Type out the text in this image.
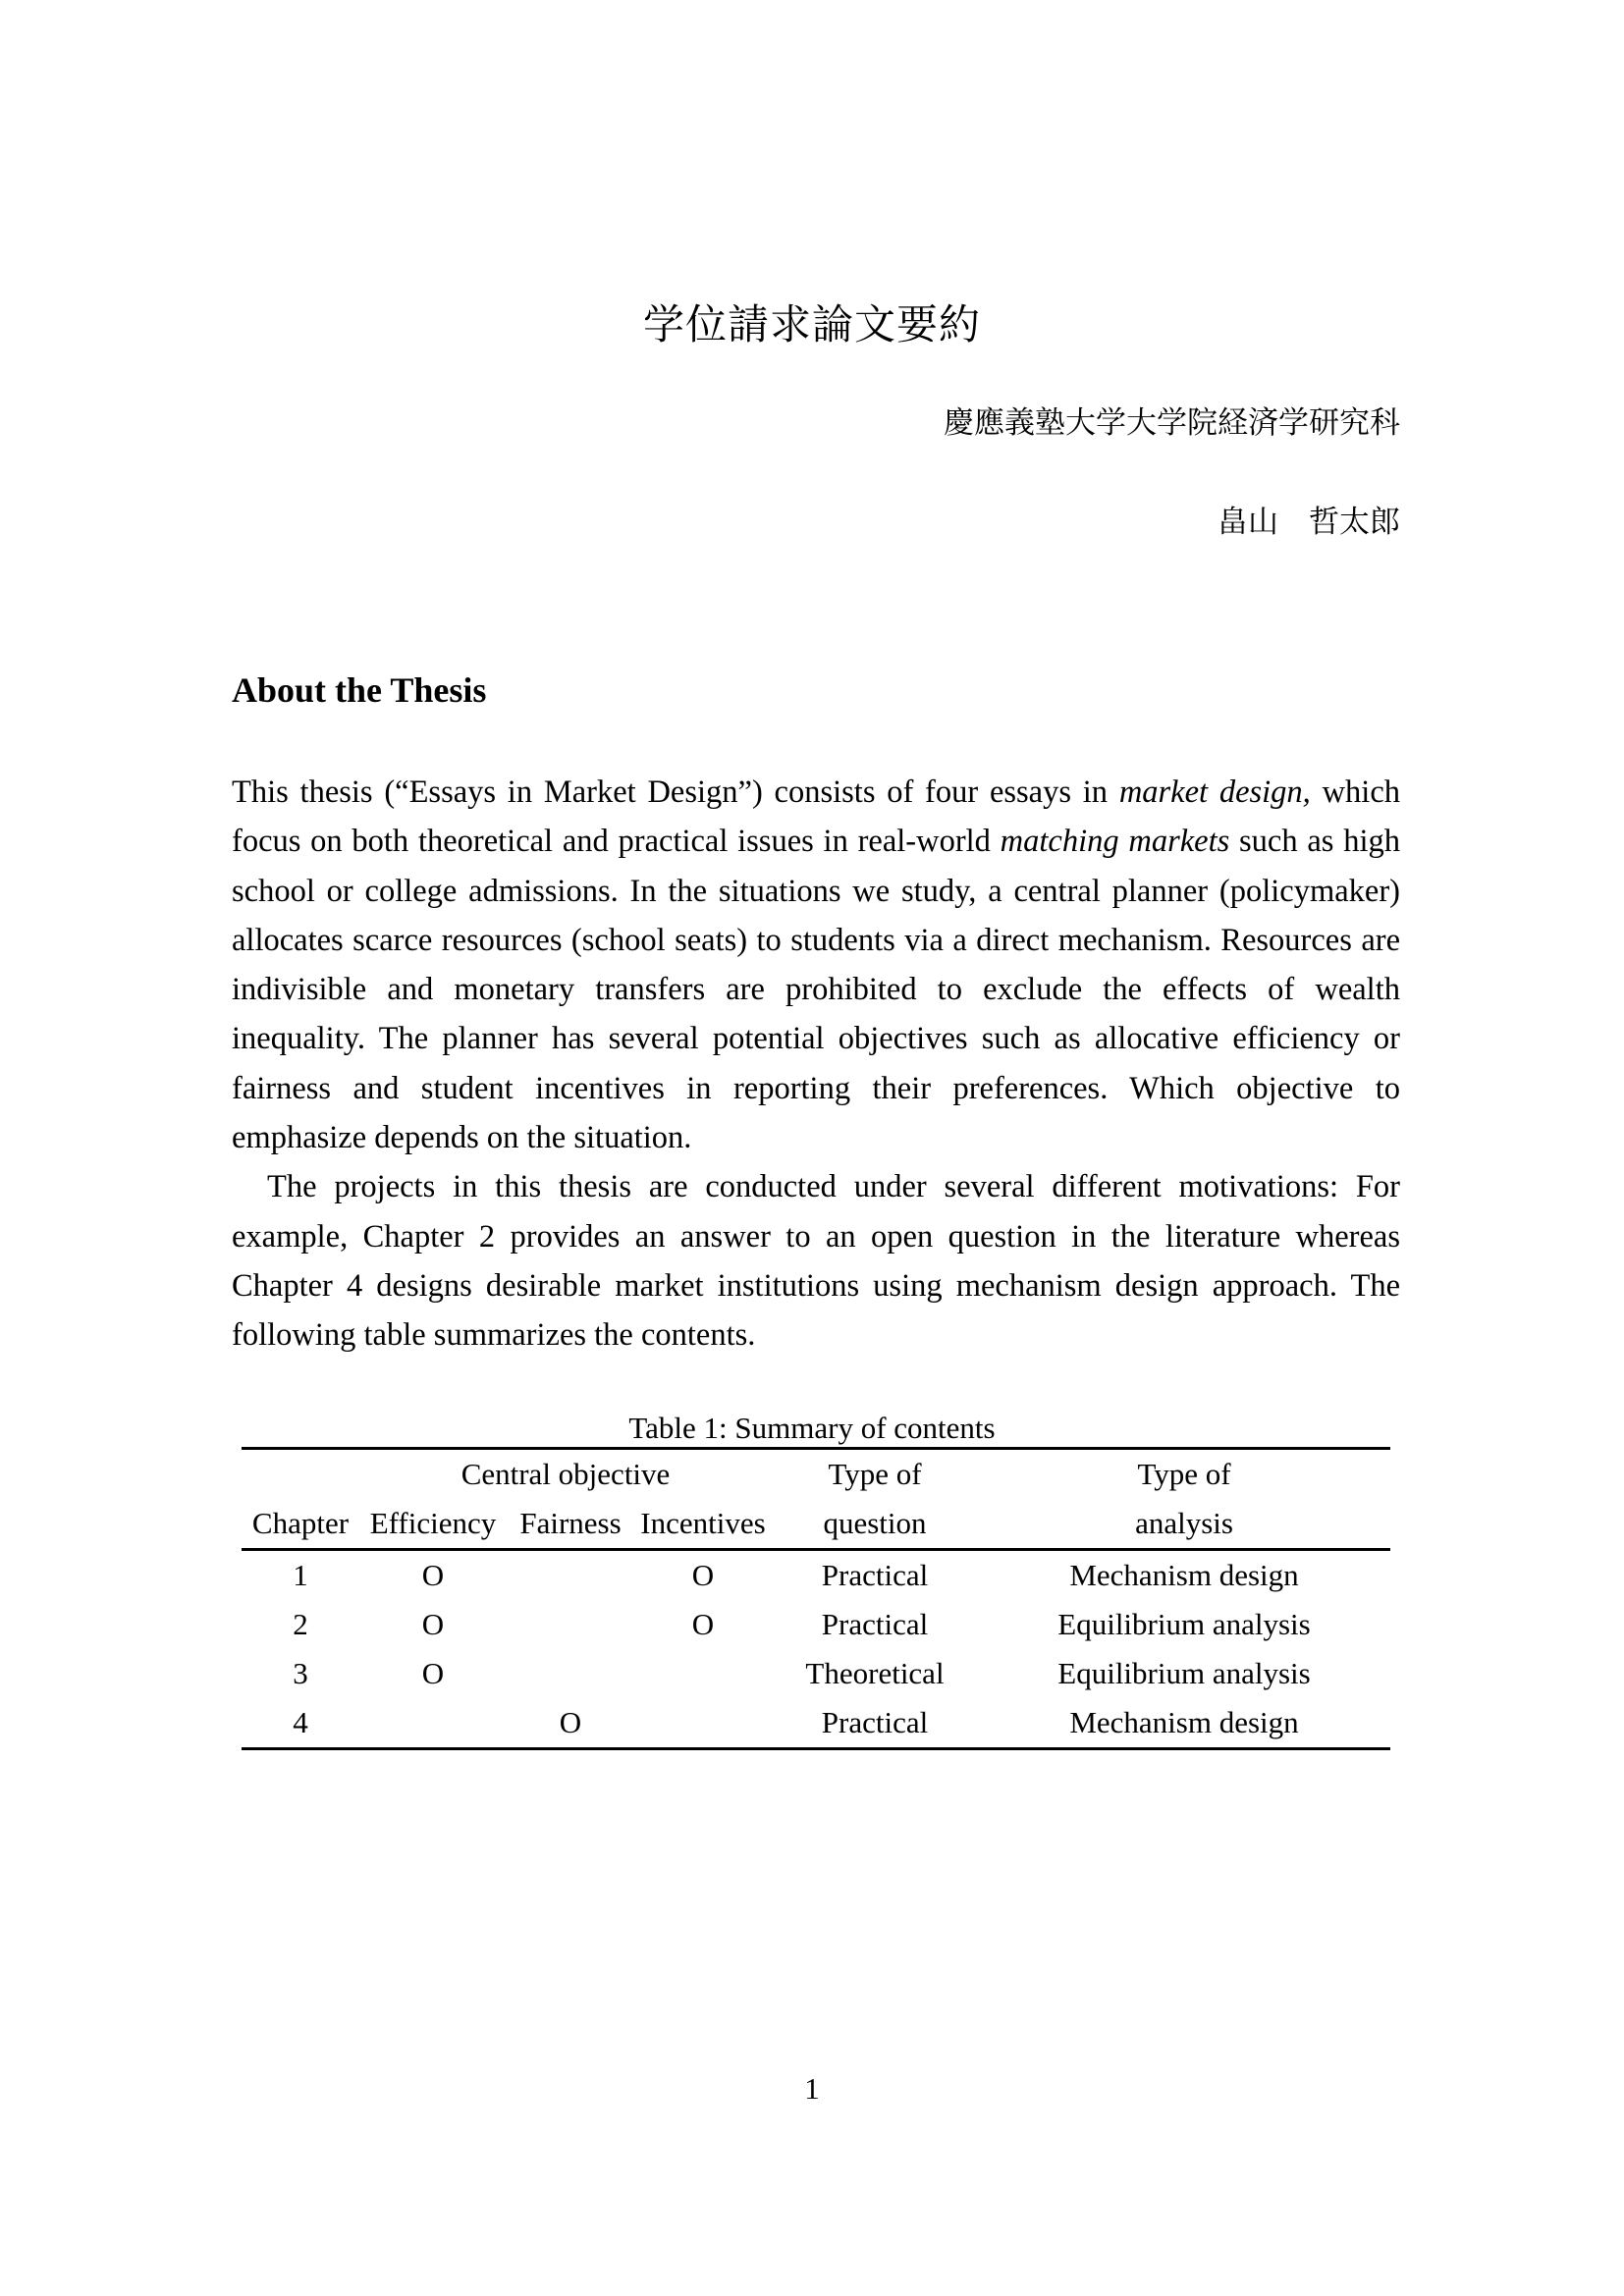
学位請求論文要約
慶應義塾大学大学院経済学研究科
畠山　哲太郎
About the Thesis

This thesis (“Essays in Market Design”) consists of four essays in market design, which focus on both theoretical and practical issues in real-world matching markets such as high school or college admissions. In the situations we study, a central planner (policymaker) allocates scarce resources (school seats) to students via a direct mechanism. Resources are indivisible and monetary transfers are prohibited to exclude the effects of wealth inequality. The planner has several potential objectives such as allocative efficiency or fairness and student incentives in reporting their preferences. Which objective to emphasize depends on the situation.

The projects in this thesis are conducted under several different motivations: For example, Chapter 2 provides an answer to an open question in the literature whereas Chapter 4 designs desirable market institutions using mechanism design approach. The following table summarizes the contents.

Table 1: Summary of contents
	Central objective			Type of	Type of
Chapter	Efficiency	Fairness	Incentives	question	analysis
1	O		O	Practical	Mechanism design
2	O		O	Practical	Equilibrium analysis
3	O			Theoretical	Equilibrium analysis
4		O		Practical	Mechanism design
1
